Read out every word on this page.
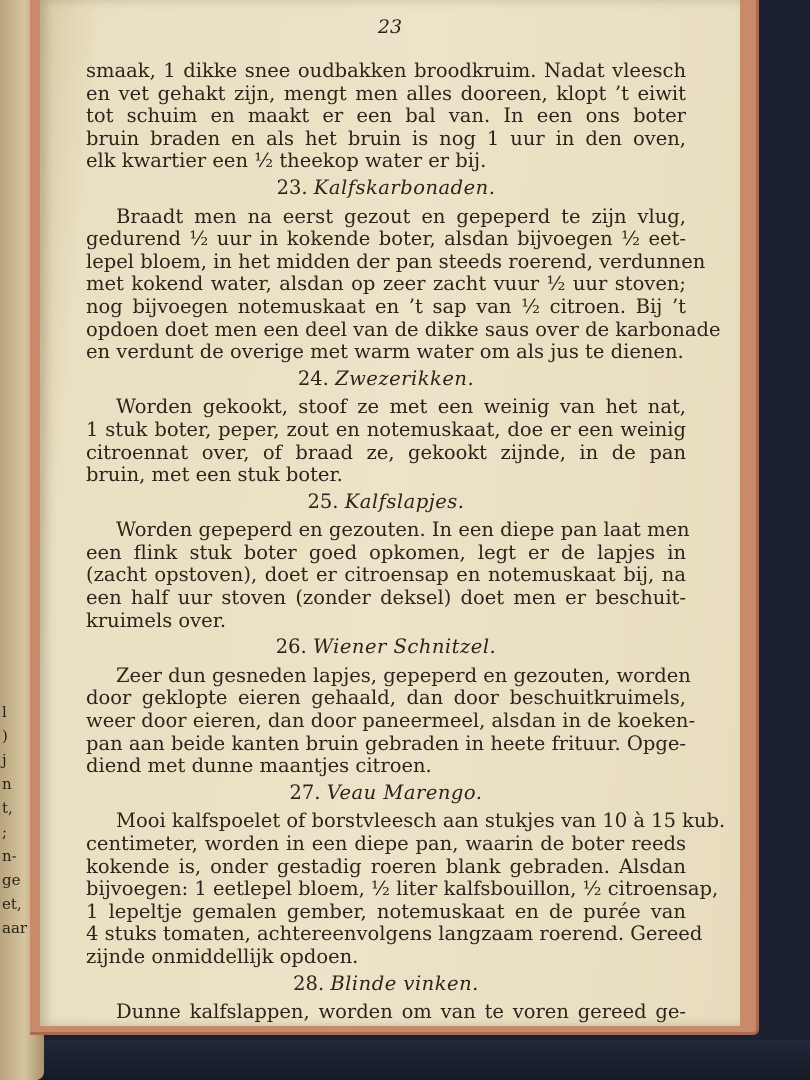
l
)
j
n
t,
;
n-
ge
et,
aar
23
smaak, 1 dikke snee oudbakken broodkruim. Nadat vleesch
en vet gehakt zijn, mengt men alles dooreen, klopt ’t eiwit
tot schuim en maakt er een bal van. In een ons boter
bruin braden en als het bruin is nog 1 uur in den oven,
elk kwartier een ½ theekop water er bij.
23. Kalfskarbonaden.
Braadt men na eerst gezout en gepeperd te zijn vlug,
gedurend ½ uur in kokende boter, alsdan bijvoegen ½ eet-
lepel bloem, in het midden der pan steeds roerend, verdunnen
met kokend water, alsdan op zeer zacht vuur ½ uur stoven;
nog bijvoegen notemuskaat en ’t sap van ½ citroen. Bij ’t
opdoen doet men een deel van de dikke saus over de karbonade
en verdunt de overige met warm water om als jus te dienen.
24. Zwezerikken.
Worden gekookt, stoof ze met een weinig van het nat,
1 stuk boter, peper, zout en notemuskaat, doe er een weinig
citroennat over, of braad ze, gekookt zijnde, in de pan
bruin, met een stuk boter.
25. Kalfslapjes.
Worden gepeperd en gezouten. In een diepe pan laat men
een flink stuk boter goed opkomen, legt er de lapjes in
(zacht opstoven), doet er citroensap en notemuskaat bij, na
een half uur stoven (zonder deksel) doet men er beschuit-
kruimels over.
26. Wiener Schnitzel.
Zeer dun gesneden lapjes, gepeperd en gezouten, worden
door geklopte eieren gehaald, dan door beschuitkruimels,
weer door eieren, dan door paneermeel, alsdan in de koeken-
pan aan beide kanten bruin gebraden in heete frituur. Opge-
diend met dunne maantjes citroen.
27. Veau Marengo.
Mooi kalfspoelet of borstvleesch aan stukjes van 10 à 15 kub.
centimeter, worden in een diepe pan, waarin de boter reeds
kokende is, onder gestadig roeren blank gebraden. Alsdan
bijvoegen: 1 eetlepel bloem, ½ liter kalfsbouillon, ½ citroensap,
1 lepeltje gemalen gember, notemuskaat en de purée van
4 stuks tomaten, achtereenvolgens langzaam roerend. Gereed
zijnde onmiddellijk opdoen.
28. Blinde vinken.
Dunne kalfslappen, worden om van te voren gereed ge-
